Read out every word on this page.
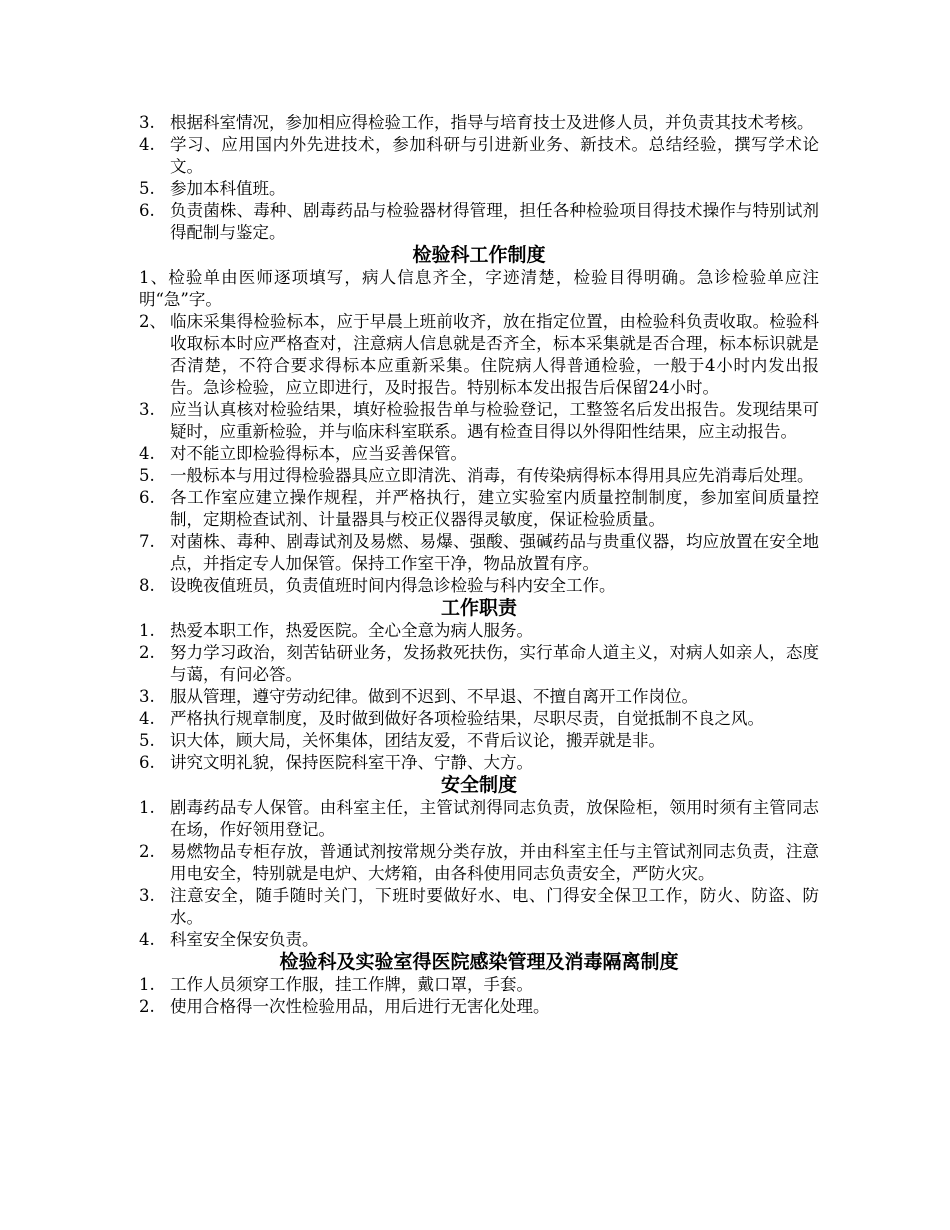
3. 根据科室情况，参加相应得检验工作，指导与培育技士及进修人员，并负责其技术考核。
4. 学习、应用国内外先进技术，参加科研与引进新业务、新技术。总结经验，撰写学术论文。
5. 参加本科值班。
6. 负责菌株、毒种、剧毒药品与检验器材得管理，担任各种检验项目得技术操作与特别试剂得配制与鉴定。
检验科工作制度

1、检验单由医师逐项填写，病人信息齐全，字迹清楚，检验目得明确。急诊检验单应注明“急”字。

2、 临床采集得检验标本，应于早晨上班前收齐，放在指定位置，由检验科负责收取。检验科收取标本时应严格查对，注意病人信息就是否齐全，标本采集就是否合理，标本标识就是否清楚，不符合要求得标本应重新采集。住院病人得普通检验，一般于4小时内发出报告。急诊检验，应立即进行，及时报告。特别标本发出报告后保留24小时。
3. 应当认真核对检验结果，填好检验报告单与检验登记，工整签名后发出报告。发现结果可疑时，应重新检验，并与临床科室联系。遇有检查目得以外得阳性结果，应主动报告。
4. 对不能立即检验得标本，应当妥善保管。
5. 一般标本与用过得检验器具应立即清洗、消毒，有传染病得标本得用具应先消毒后处理。
6. 各工作室应建立操作规程，并严格执行，建立实验室内质量控制制度，参加室间质量控制，定期检查试剂、计量器具与校正仪器得灵敏度，保证检验质量。
7. 对菌株、毒种、剧毒试剂及易燃、易爆、强酸、强碱药品与贵重仪器，均应放置在安全地点，并指定专人加保管。保持工作室干净，物品放置有序。
8. 设晚夜值班员，负责值班时间内得急诊检验与科内安全工作。
工作职责
1. 热爱本职工作，热爱医院。全心全意为病人服务。
2. 努力学习政治，刻苦钻研业务，发扬救死扶伤，实行革命人道主义，对病人如亲人，态度与蔼，有问必答。
3. 服从管理，遵守劳动纪律。做到不迟到、不早退、不擅自离开工作岗位。
4. 严格执行规章制度，及时做到做好各项检验结果，尽职尽责，自觉抵制不良之风。
5. 识大体，顾大局，关怀集体，团结友爱，不背后议论，搬弄就是非。
6. 讲究文明礼貌，保持医院科室干净、宁静、大方。
安全制度
1. 剧毒药品专人保管。由科室主任，主管试剂得同志负责，放保险柜，领用时须有主管同志在场，作好领用登记。
2. 易燃物品专柜存放，普通试剂按常规分类存放，并由科室主任与主管试剂同志负责，注意用电安全，特别就是电炉、大烤箱，由各科使用同志负责安全，严防火灾。
3. 注意安全，随手随时关门，下班时要做好水、电、门得安全保卫工作，防火、防盗、防水。
4. 科室安全保安负责。
检验科及实验室得医院感染管理及消毒隔离制度
1. 工作人员须穿工作服，挂工作牌，戴口罩，手套。
2. 使用合格得一次性检验用品，用后进行无害化处理。
